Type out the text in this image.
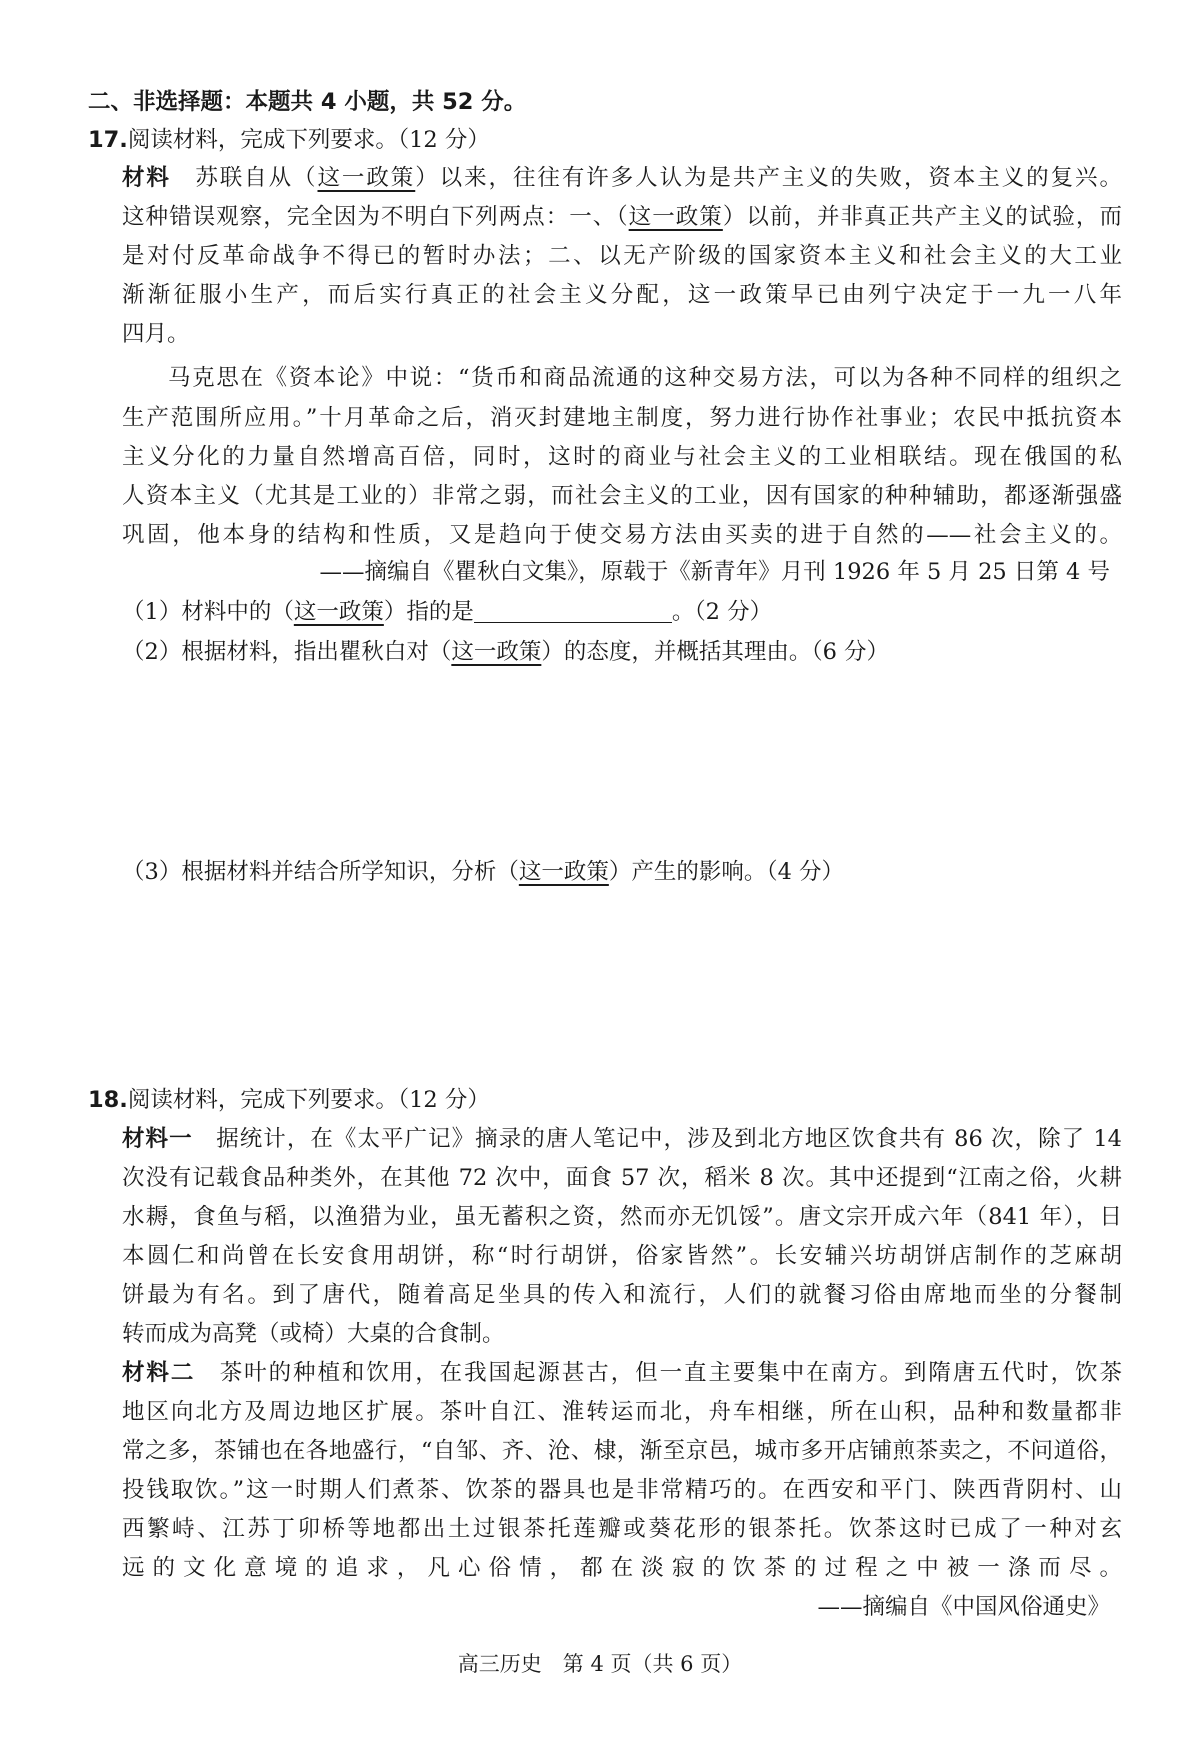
二、非选择题：本题共 4 小题，共 52 分。
17.阅读材料，完成下列要求。（12 分）
材料　 苏联自从（这一政策）以来，往往有许多人认为是共产主义的失败，资本主义的复兴。
这种错误观察，完全因为不明白下列两点：一、（这一政策）以前，并非真正共产主义的试验，而
是对付反革命战争不得已的暂时办法；二、以无产阶级的国家资本主义和社会主义的大工业
渐渐征服小生产，而后实行真正的社会主义分配，这一政策早已由列宁决定于一九一八年
四月。
马克思在《资本论》中说：“货币和商品流通的这种交易方法，可以为各种不同样的组织之
生产范围所应用。”十月革命之后，消灭封建地主制度，努力进行协作社事业；农民中抵抗资本
主义分化的力量自然增高百倍，同时，这时的商业与社会主义的工业相联结。现在俄国的私
人资本主义（尤其是工业的）非常之弱，而社会主义的工业，因有国家的种种辅助，都逐渐强盛
巩固，他本身的结构和性质，又是趋向于使交易方法由买卖的进于自然的——社会主义的。
——摘编自《瞿秋白文集》，原载于《新青年》月刊 1926 年 5 月 25 日第 4 号
（1）材料中的（这一政策）指的是	。（2 分）
（2）根据材料，指出瞿秋白对（这一政策）的态度，并概括其理由。（6 分）
（3）根据材料并结合所学知识，分析（这一政策）产生的影响。（4 分）
18.阅读材料，完成下列要求。（12 分）
材料一　 据统计，在《太平广记》摘录的唐人笔记中，涉及到北方地区饮食共有 86 次，除了 14
次没有记载食品种类外，在其他 72 次中，面食 57 次，稻米 8 次。其中还提到“江南之俗，火耕
水耨，食鱼与稻，以渔猎为业，虽无蓄积之资，然而亦无饥馁”。唐文宗开成六年（841 年），日
本圆仁和尚曾在长安食用胡饼，称“时行胡饼，俗家皆然”。长安辅兴坊胡饼店制作的芝麻胡
饼最为有名。到了唐代，随着高足坐具的传入和流行，人们的就餐习俗由席地而坐的分餐制
转而成为高凳（或椅）大桌的合食制。
材料二　 茶叶的种植和饮用，在我国起源甚古，但一直主要集中在南方。到隋唐五代时，饮茶
地区向北方及周边地区扩展。茶叶自江、淮转运而北，舟车相继，所在山积，品种和数量都非
常之多，茶铺也在各地盛行，“自邹、齐、沧、棣，渐至京邑，城市多开店铺煎茶卖之，不问道俗，
投钱取饮。”这一时期人们煮茶、饮茶的器具也是非常精巧的。在西安和平门、陕西背阴村、山
西繁峙、江苏丁卯桥等地都出土过银茶托莲瓣或葵花形的银茶托。饮茶这时已成了一种对玄
远的文化意境的追求，凡心俗情，都在淡寂的饮茶的过程之中被一涤而尽。
——摘编自《中国风俗通史》
高三历史　第 4 页（共 6 页）
